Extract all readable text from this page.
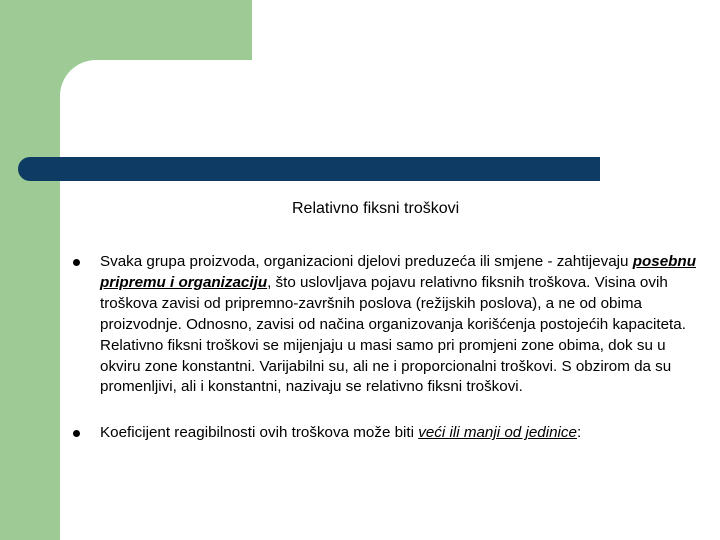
Relativno fiksni troškovi
Svaka grupa proizvoda, organizacioni djelovi preduzeća ili smjene - zahtijevaju posebnu pripremu i organizaciju, što uslovljava pojavu relativno fiksnih troškova. Visina ovih troškova zavisi od pripremno-završnih poslova (režijskih poslova), a ne od obima proizvodnje. Odnosno, zavisi od načina organizovanja korišćenja postojećih kapaciteta. Relativno fiksni troškovi se mijenjaju u masi samo pri promjeni zone obima, dok su u okviru zone konstantni. Varijabilni su, ali ne i proporcionalni troškovi. S obzirom da su promenljivi, ali i konstantni, nazivaju se relativno fiksni troškovi.
Koeficijent reagibilnosti ovih troškova može biti veći ili manji od jedinice:
